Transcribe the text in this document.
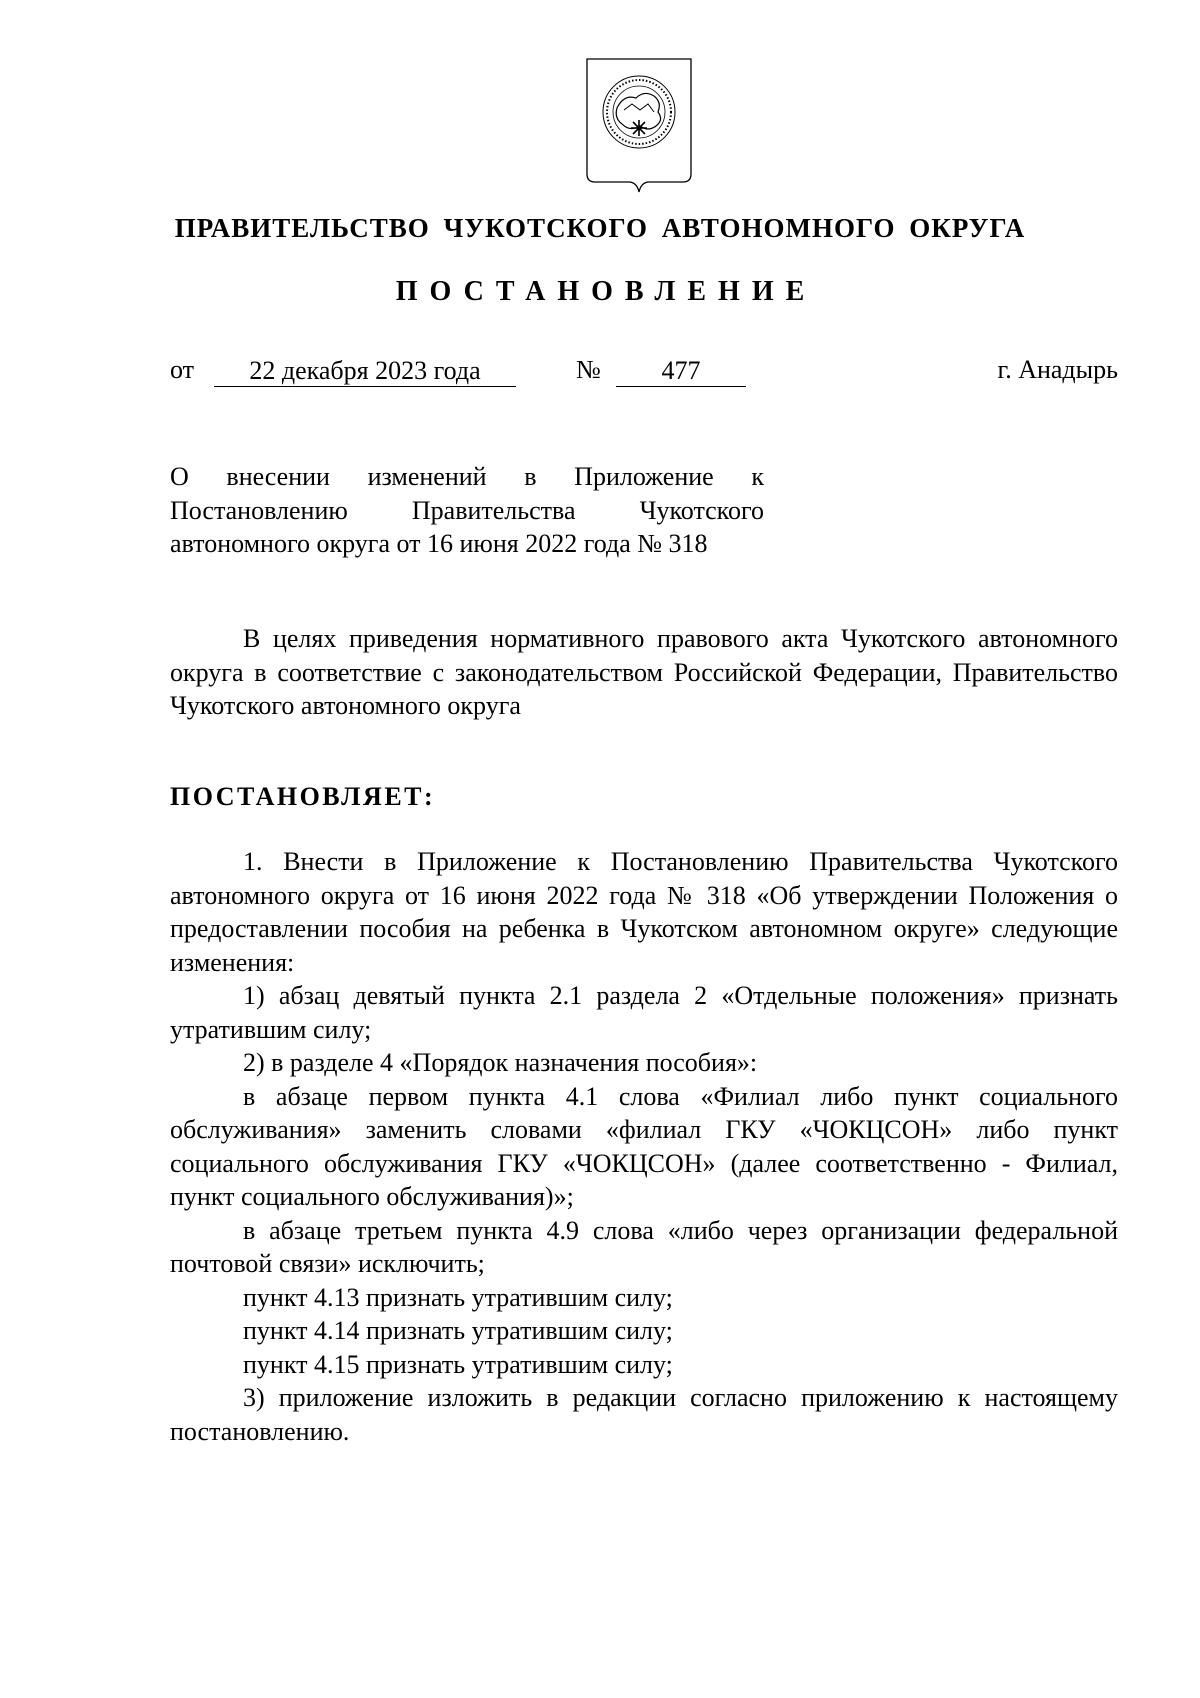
ПРАВИТЕЛЬСТВО ЧУКОТСКОГО АВТОНОМНОГО ОКРУГА
ПОСТАНОВЛЕНИЕ
от	22 декабря 2023 года	№	477	г. Анадырь
О внесении изменений в Приложение к Постановлению Правительства Чукотского автономного округа от 16 июня 2022 года № 318

В целях приведения нормативного правового акта Чукотского автономного округа в соответствие с законодательством Российской Федерации, Правительство Чукотского автономного округа

ПОСТАНОВЛЯЕТ:

1. Внести в Приложение к Постановлению Правительства Чукотского автономного округа от 16 июня 2022 года № 318 «Об утверждении Положения о предоставлении пособия на ребенка в Чукотском автономном округе» следующие изменения:

1) абзац девятый пункта 2.1 раздела 2 «Отдельные положения» признать утратившим силу;

2) в разделе 4 «Порядок назначения пособия»:

в абзаце первом пункта 4.1 слова «Филиал либо пункт социального обслуживания» заменить словами «филиал ГКУ «ЧОКЦСОН» либо пункт социального обслуживания ГКУ «ЧОКЦСОН» (далее соответственно - Филиал, пункт социального обслуживания)»;

в абзаце третьем пункта 4.9 слова «либо через организации федеральной почтовой связи» исключить;

пункт 4.13 признать утратившим силу;

пункт 4.14 признать утратившим силу;

пункт 4.15 признать утратившим силу;

3) приложение изложить в редакции согласно приложению к настоящему постановлению.
